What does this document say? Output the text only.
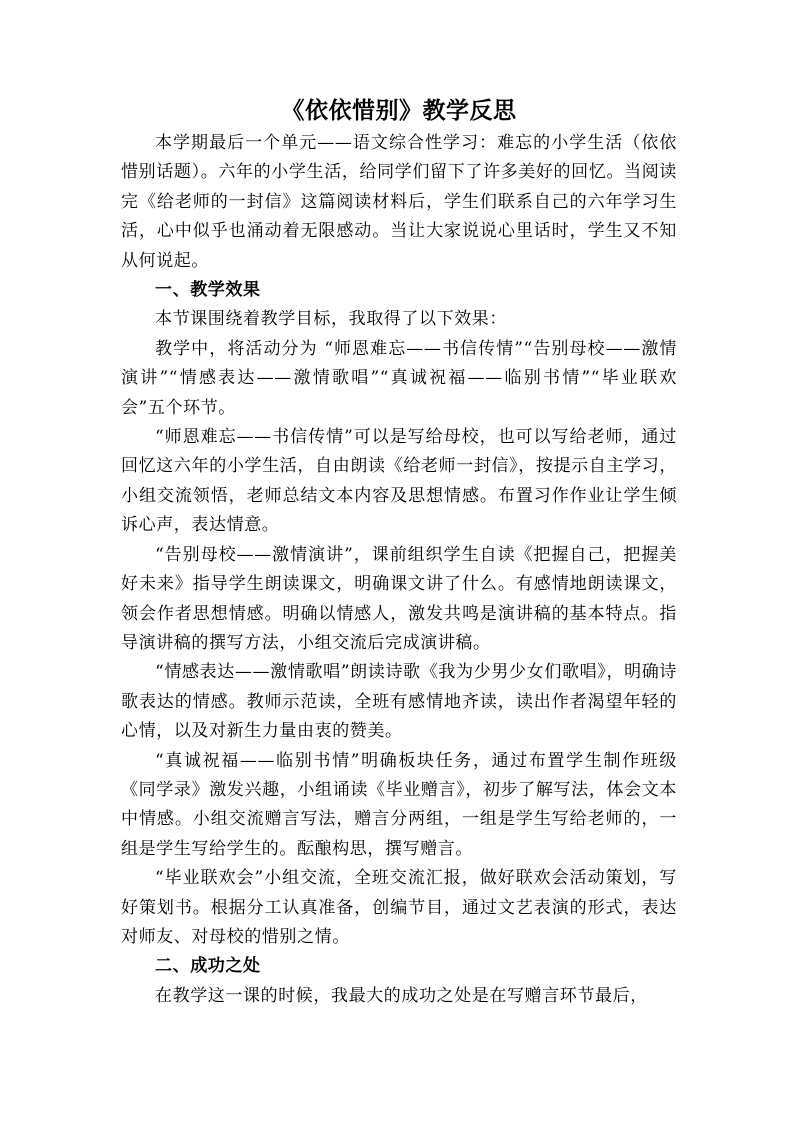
《依依惜别》教学反思

本学期最后一个单元——语文综合性学习：难忘的小学生活（依依惜别话题）。六年的小学生活，给同学们留下了许多美好的回忆。当阅读完《给老师的一封信》这篇阅读材料后，学生们联系自己的六年学习生活，心中似乎也涌动着无限感动。当让大家说说心里话时，学生又不知从何说起。

一、教学效果

本节课围绕着教学目标，我取得了以下效果：

教学中，将活动分为 “师恩难忘——书信传情”“告别母校——激情演讲”“情感表达——激情歌唱”“真诚祝福——临别书情”“毕业联欢会”五个环节。

“师恩难忘——书信传情”可以是写给母校，也可以写给老师，通过回忆这六年的小学生活，自由朗读《给老师一封信》，按提示自主学习，小组交流领悟，老师总结文本内容及思想情感。布置习作作业让学生倾诉心声，表达情意。

“告别母校——激情演讲”，课前组织学生自读《把握自己，把握美好未来》指导学生朗读课文，明确课文讲了什么。有感情地朗读课文，领会作者思想情感。明确以情感人，激发共鸣是演讲稿的基本特点。指导演讲稿的撰写方法，小组交流后完成演讲稿。

“情感表达——激情歌唱”朗读诗歌《我为少男少女们歌唱》，明确诗歌表达的情感。教师示范读，全班有感情地齐读，读出作者渴望年轻的心情，以及对新生力量由衷的赞美。

“真诚祝福——临别书情”明确板块任务，通过布置学生制作班级《同学录》激发兴趣，小组诵读《毕业赠言》，初步了解写法，体会文本中情感。小组交流赠言写法，赠言分两组，一组是学生写给老师的，一组是学生写给学生的。酝酿构思，撰写赠言。

“毕业联欢会”小组交流，全班交流汇报，做好联欢会活动策划，写好策划书。根据分工认真准备，创编节目，通过文艺表演的形式，表达对师友、对母校的惜别之情。

二、成功之处

在教学这一课的时候，我最大的成功之处是在写赠言环节最后，
